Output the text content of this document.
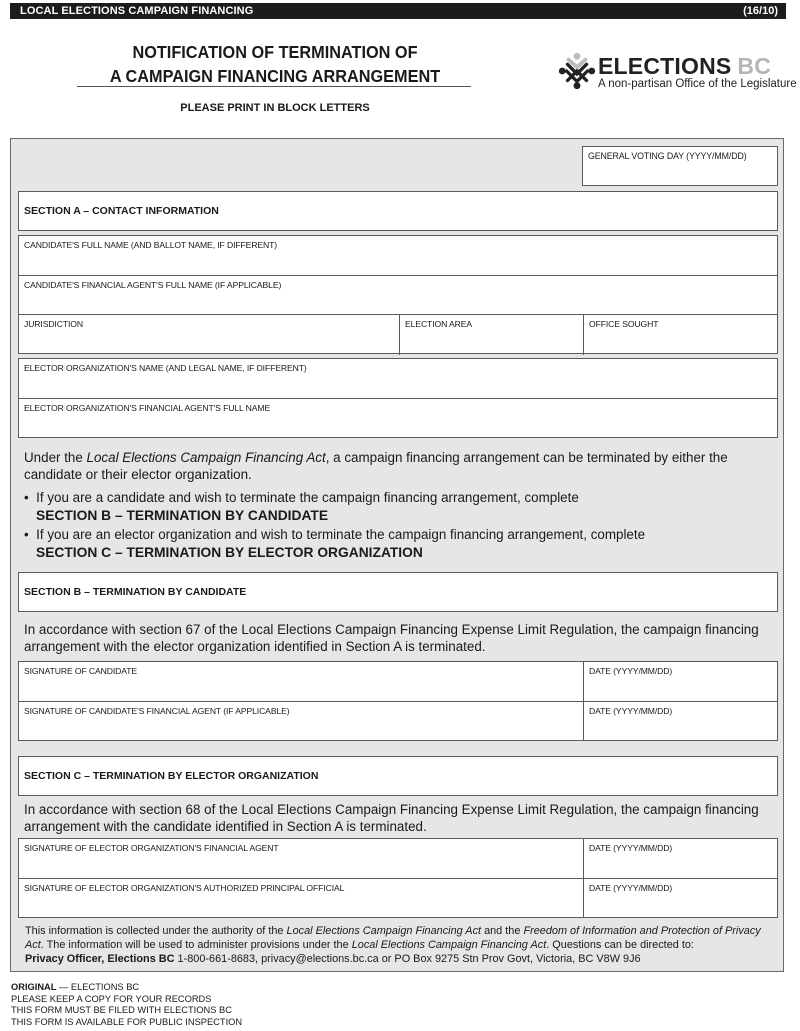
LOCAL ELECTIONS CAMPAIGN FINANCING	(16/10)
NOTIFICATION OF TERMINATION OF
A CAMPAIGN FINANCING ARRANGEMENT
PLEASE PRINT IN BLOCK LETTERS
ELECTIONS BC
A non-partisan Office of the Legislature
GENERAL VOTING DAY (YYYY/MM/DD)
SECTION A – CONTACT INFORMATION
CANDIDATE'S FULL NAME (AND BALLOT NAME, IF DIFFERENT)
CANDIDATE'S FINANCIAL AGENT'S FULL NAME (IF APPLICABLE)
JURISDICTION	ELECTION AREA	OFFICE SOUGHT
ELECTOR ORGANIZATION'S NAME (AND LEGAL NAME, IF DIFFERENT)
ELECTOR ORGANIZATION'S FINANCIAL AGENT'S FULL NAME
Under the Local Elections Campaign Financing Act, a campaign financing arrangement can be terminated by either the candidate or their elector organization.
• If you are a candidate and wish to terminate the campaign financing arrangement, complete
SECTION B – TERMINATION BY CANDIDATE
• If you are an elector organization and wish to terminate the campaign financing arrangement, complete
SECTION C – TERMINATION BY ELECTOR ORGANIZATION
SECTION B – TERMINATION BY CANDIDATE
In accordance with section 67 of the Local Elections Campaign Financing Expense Limit Regulation, the campaign financing arrangement with the elector organization identified in Section A is terminated.
SIGNATURE OF CANDIDATE	DATE (YYYY/MM/DD)
SIGNATURE OF CANDIDATE'S FINANCIAL AGENT (IF APPLICABLE)	DATE (YYYY/MM/DD)
SECTION C – TERMINATION BY ELECTOR ORGANIZATION
In accordance with section 68 of the Local Elections Campaign Financing Expense Limit Regulation, the campaign financing arrangement with the candidate identified in Section A is terminated.
SIGNATURE OF ELECTOR ORGANIZATION'S FINANCIAL AGENT	DATE (YYYY/MM/DD)
SIGNATURE OF ELECTOR ORGANIZATION'S AUTHORIZED PRINCIPAL OFFICIAL	DATE (YYYY/MM/DD)
This information is collected under the authority of the Local Elections Campaign Financing Act and the Freedom of Information and Protection of Privacy Act. The information will be used to administer provisions under the Local Elections Campaign Financing Act. Questions can be directed to:
Privacy Officer, Elections BC 1-800-661-8683, privacy@elections.bc.ca or PO Box 9275 Stn Prov Govt, Victoria, BC V8W 9J6
ORIGINAL — ELECTIONS BC
PLEASE KEEP A COPY FOR YOUR RECORDS
THIS FORM MUST BE FILED WITH ELECTIONS BC
THIS FORM IS AVAILABLE FOR PUBLIC INSPECTION
